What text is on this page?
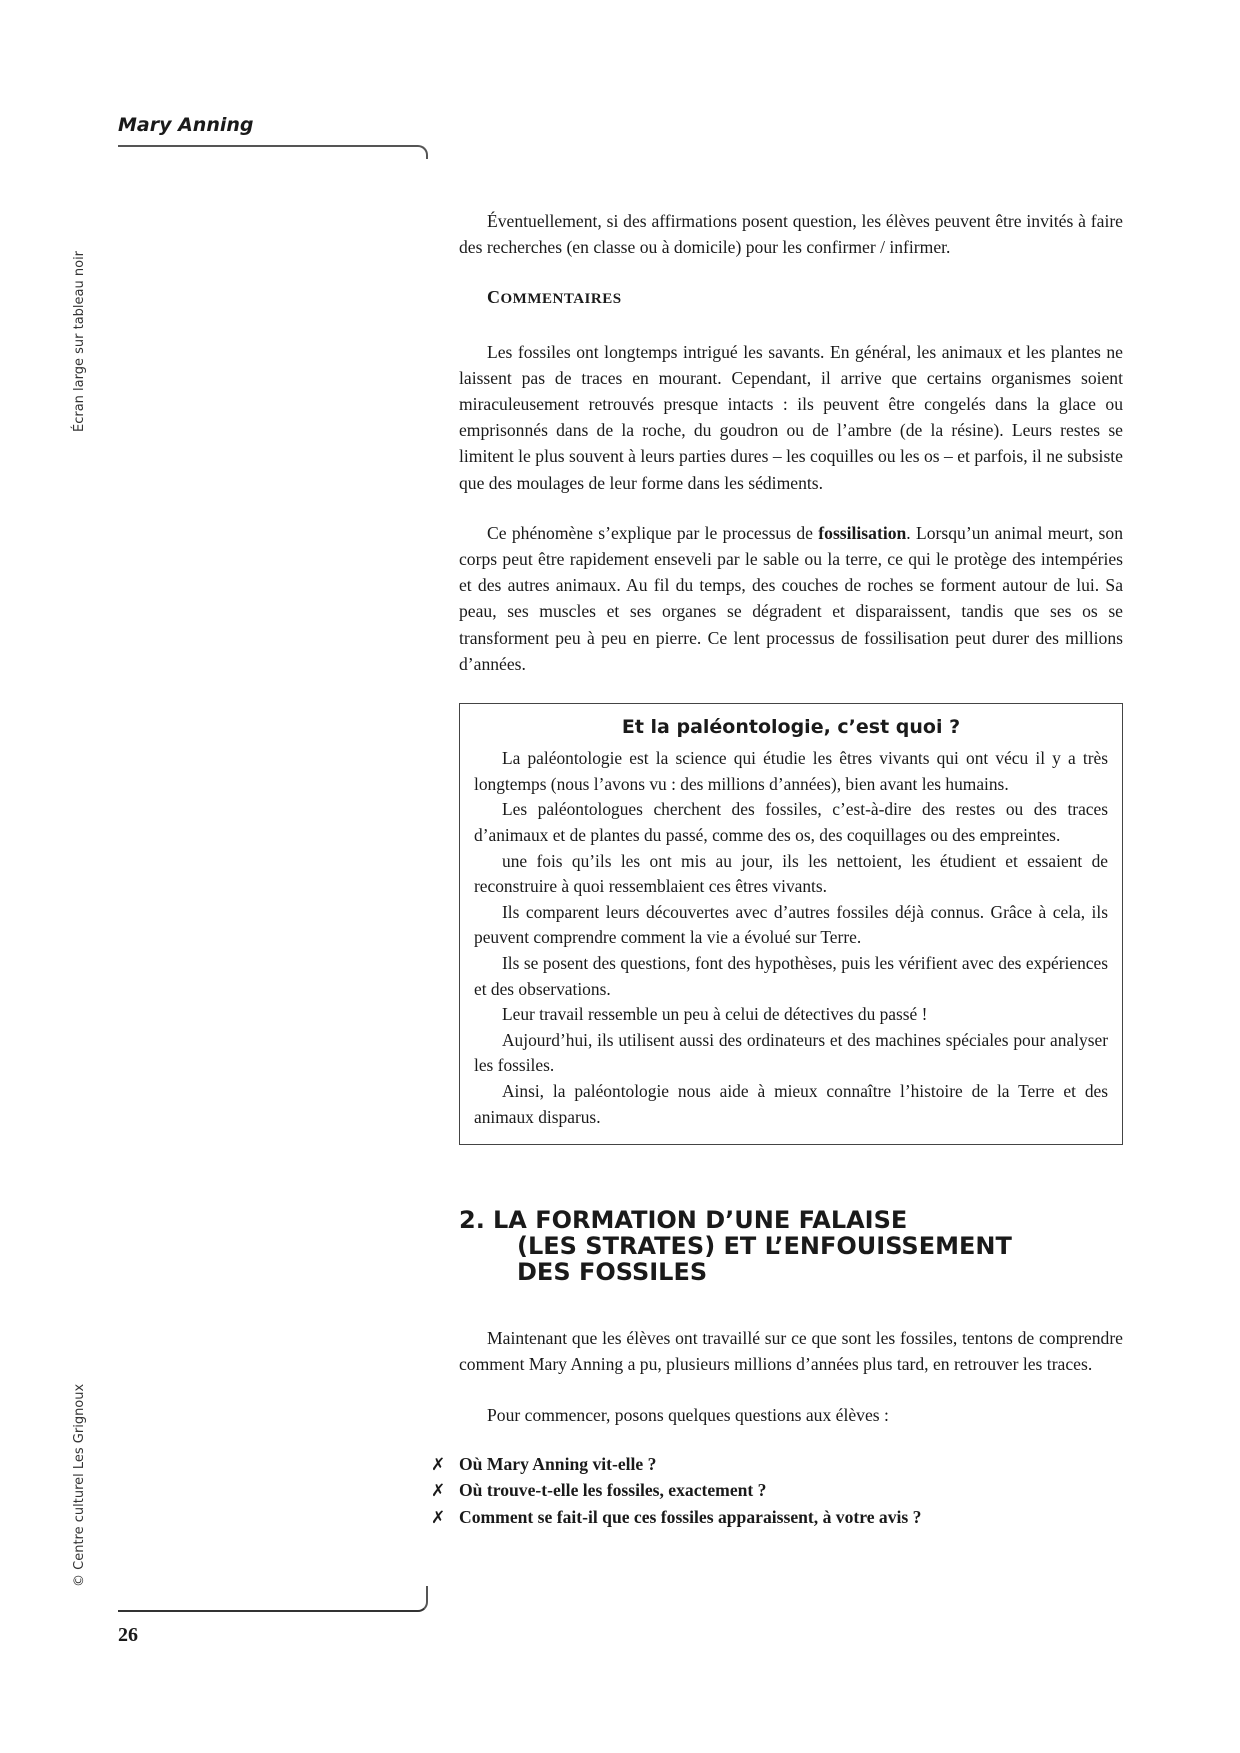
Mary Anning
Écran large sur tableau noir
© Centre culturel Les Grignoux

Éventuellement, si des affirmations posent question, les élèves peuvent être invités à faire des recherches (en classe ou à domicile) pour les confirmer / infirmer.

COMMENTAIRES

Les fossiles ont longtemps intrigué les savants. En général, les animaux et les plantes ne laissent pas de traces en mourant. Cependant, il arrive que certains organismes soient miraculeusement retrouvés presque intacts : ils peuvent être congelés dans la glace ou emprisonnés dans de la roche, du goudron ou de l’ambre (de la résine). Leurs restes se limitent le plus souvent à leurs parties dures – les coquilles ou les os – et parfois, il ne subsiste que des moulages de leur forme dans les sédiments.

Ce phénomène s’explique par le processus de fossilisation. Lorsqu’un animal meurt, son corps peut être rapidement enseveli par le sable ou la terre, ce qui le protège des intempéries et des autres animaux. Au fil du temps, des couches de roches se forment autour de lui. Sa peau, ses muscles et ses organes se dégradent et disparaissent, tandis que ses os se transforment peu à peu en pierre. Ce lent processus de fossilisation peut durer des millions d’années.

Et la paléontologie, c’est quoi ?

La paléontologie est la science qui étudie les êtres vivants qui ont vécu il y a très longtemps (nous l’avons vu : des millions d’années), bien avant les humains.

Les paléontologues cherchent des fossiles, c’est-à-dire des restes ou des traces d’animaux et de plantes du passé, comme des os, des coquillages ou des empreintes.

une fois qu’ils les ont mis au jour, ils les nettoient, les étudient et essaient de reconstruire à quoi ressemblaient ces êtres vivants.

Ils comparent leurs découvertes avec d’autres fossiles déjà connus. Grâce à cela, ils peuvent comprendre comment la vie a évolué sur Terre.

Ils se posent des questions, font des hypothèses, puis les vérifient avec des expériences et des observations.

Leur travail ressemble un peu à celui de détectives du passé !

Aujourd’hui, ils utilisent aussi des ordinateurs et des machines spéciales pour analyser les fossiles.

Ainsi, la paléontologie nous aide à mieux connaître l’histoire de la Terre et des animaux disparus.

2. LA FORMATION D’UNE FALAISE
(LES STRATES) ET L’ENFOUISSEMENT
DES FOSSILES

Maintenant que les élèves ont travaillé sur ce que sont les fossiles, tentons de comprendre comment Mary Anning a pu, plusieurs millions d’années plus tard, en retrouver les traces.

Pour commencer, posons quelques questions aux élèves :

✗ Où Mary Anning vit-elle ?
✗ Où trouve-t-elle les fossiles, exactement ?
✗ Comment se fait-il que ces fossiles apparaissent, à votre avis ?
26
